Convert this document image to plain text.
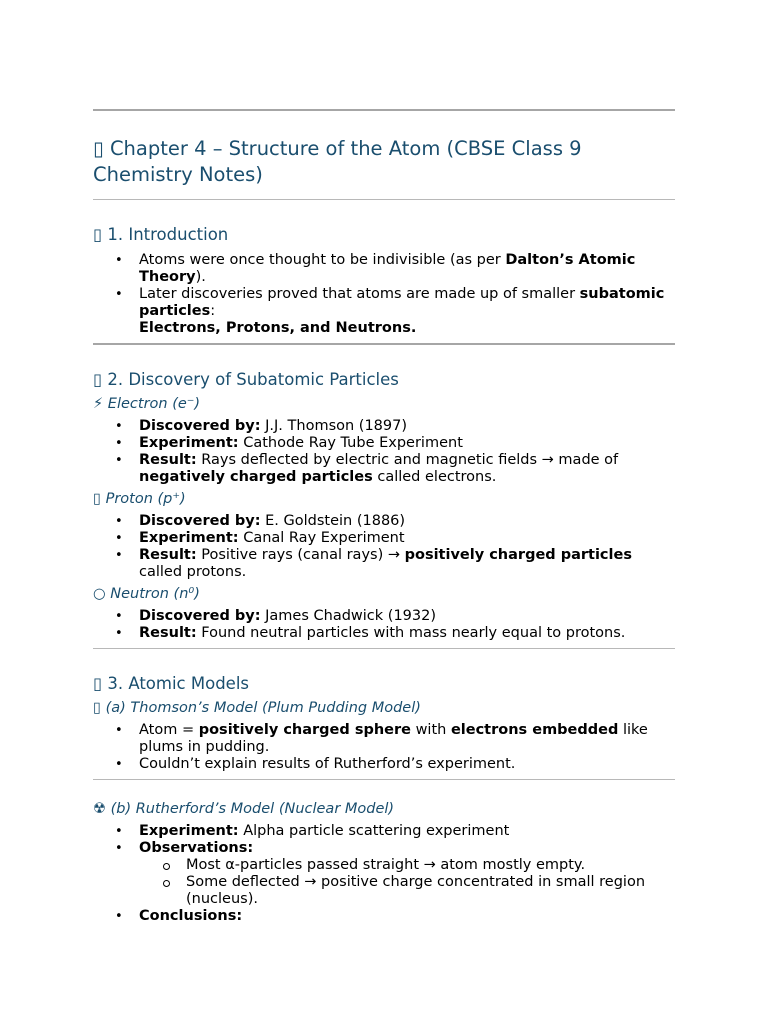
▯ Chapter 4 – Structure of the Atom (CBSE Class 9 Chemistry Notes)
▯ 1. Introduction
• Atoms were once thought to be indivisible (as per Dalton’s Atomic Theory).
• Later discoveries proved that atoms are made up of smaller subatomic particles:
Electrons, Protons, and Neutrons.
▯ 2. Discovery of Subatomic Particles
⚡ Electron (e⁻)
• Discovered by: J.J. Thomson (1897)
• Experiment: Cathode Ray Tube Experiment
• Result: Rays deflected by electric and magnetic fields → made of negatively charged particles called electrons.
▯ Proton (p⁺)
• Discovered by: E. Goldstein (1886)
• Experiment: Canal Ray Experiment
• Result: Positive rays (canal rays) → positively charged particles called protons.
○ Neutron (n⁰)
• Discovered by: James Chadwick (1932)
• Result: Found neutral particles with mass nearly equal to protons.
▯ 3. Atomic Models
▯ (a) Thomson’s Model (Plum Pudding Model)
• Atom = positively charged sphere with electrons embedded like plums in pudding.
• Couldn’t explain results of Rutherford’s experiment.
☢ (b) Rutherford’s Model (Nuclear Model)
• Experiment: Alpha particle scattering experiment
• Observations:
Most α-particles passed straight → atom mostly empty.
Some deflected → positive charge concentrated in small region (nucleus).
• Conclusions:
